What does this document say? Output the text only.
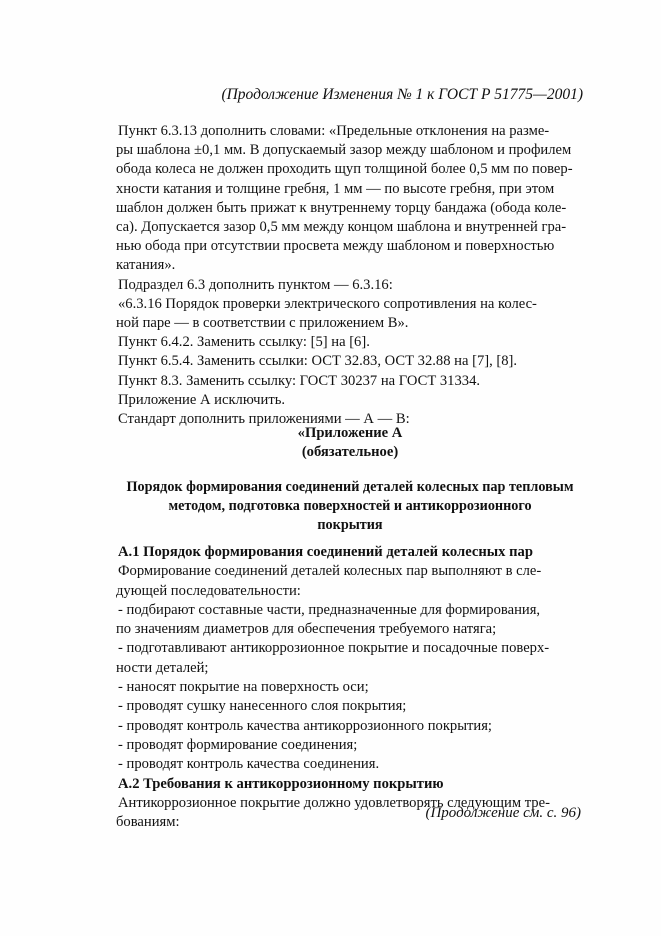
(Продолжение Изменения № 1 к ГОСТ Р 51775—2001)
Пункт 6.3.13 дополнить словами: «Предельные отклонения на разме-
ры шаблона ±0,1 мм. В допускаемый зазор между шаблоном и профилем
обода колеса не должен проходить щуп толщиной более 0,5 мм по повер-
хности катания и толщине гребня, 1 мм — по высоте гребня, при этом
шаблон должен быть прижат к внутреннему торцу бандажа (обода коле-
са). Допускается зазор 0,5 мм между концом шаблона и внутренней гра-
нью обода при отсутствии просвета между шаблоном и поверхностью
катания».
Подраздел 6.3 дополнить пунктом — 6.3.16:
«6.3.16 Порядок проверки электрического сопротивления на колес-
ной паре — в соответствии с приложением В».
Пункт 6.4.2. Заменить ссылку: [5] на [6].
Пункт 6.5.4. Заменить ссылки: ОСТ 32.83, ОСТ 32.88 на [7], [8].
Пункт 8.3. Заменить ссылку: ГОСТ 30237 на ГОСТ 31334.
Приложение А исключить.
Стандарт дополнить приложениями — А — В:
«Приложение А
(обязательное)
Порядок формирования соединений деталей колесных пар тепловым
методом, подготовка поверхностей и антикоррозионного
покрытия
А.1 Порядок формирования соединений деталей колесных пар
Формирование соединений деталей колесных пар выполняют в сле-
дующей последовательности:
- подбирают составные части, предназначенные для формирования,
по значениям диаметров для обеспечения требуемого натяга;
- подготавливают антикоррозионное покрытие и посадочные поверх-
ности деталей;
- наносят покрытие на поверхность оси;
- проводят сушку нанесенного слоя покрытия;
- проводят контроль качества антикоррозионного покрытия;
- проводят формирование соединения;
- проводят контроль качества соединения.
А.2 Требования к антикоррозионному покрытию
Антикоррозионное покрытие должно удовлетворять следующим тре-
бованиям:
(Продолжение см. с. 96)
